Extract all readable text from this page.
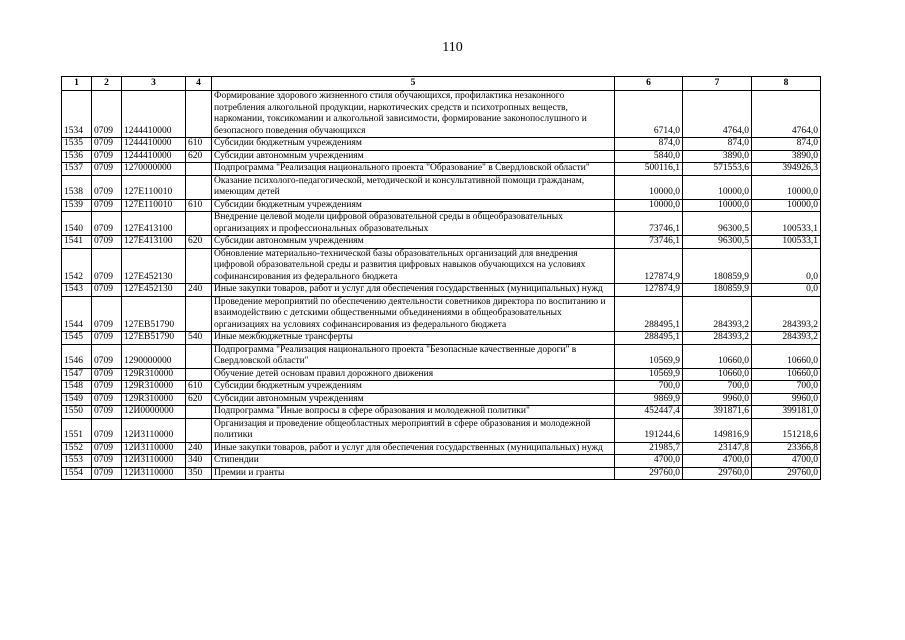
110
1	2	3	4	5	6	7	8
1534	0709	1244410000		Формирование здорового жизненного стиля обучающихся, профилактика незаконного потребления алкогольной продукции, наркотических средств и психотропных веществ, наркомании, токсикомании и алкогольной зависимости, формирование законопослушного и безопасного поведения обучающихся	6714,0	4764,0	4764,0
1535	0709	1244410000	610	Субсидии бюджетным учреждениям	874,0	874,0	874,0
1536	0709	1244410000	620	Субсидии автономным учреждениям	5840,0	3890,0	3890,0
1537	0709	1270000000		Подпрограмма "Реализация национального проекта "Образование" в Свердловской области"	500116,1	571553,6	394926,3
1538	0709	127E110010		Оказание психолого-педагогической, методической и консультативной помощи гражданам, имеющим детей	10000,0	10000,0	10000,0
1539	0709	127E110010	610	Субсидии бюджетным учреждениям	10000,0	10000,0	10000,0
1540	0709	127E413100		Внедрение целевой модели цифровой образовательной среды в общеобразовательных организациях и профессиональных образовательных	73746,1	96300,5	100533,1
1541	0709	127E413100	620	Субсидии автономным учреждениям	73746,1	96300,5	100533,1
1542	0709	127E452130		Обновление материально-технической базы образовательных организаций для внедрения цифровой образовательной среды и развития цифровых навыков обучающихся на условиях софинансирования из федерального бюджета	127874,9	180859,9	0,0
1543	0709	127E452130	240	Иные закупки товаров, работ и услуг для обеспечения государственных (муниципальных) нужд	127874,9	180859,9	0,0
1544	0709	127EB51790		Проведение мероприятий по обеспечению деятельности советников директора по воспитанию и взаимодействию с детскими общественными объединениями в общеобразовательных организациях на условиях софинансирования из федерального бюджета	288495,1	284393,2	284393,2
1545	0709	127EB51790	540	Иные межбюджетные трансферты	288495,1	284393,2	284393,2
1546	0709	1290000000		Подпрограмма "Реализация национального проекта "Безопасные качественные дороги" в Свердловской области"	10569,9	10660,0	10660,0
1547	0709	129R310000		Обучение детей основам правил дорожного движения	10569,9	10660,0	10660,0
1548	0709	129R310000	610	Субсидии бюджетным учреждениям	700,0	700,0	700,0
1549	0709	129R310000	620	Субсидии автономным учреждениям	9869,9	9960,0	9960,0
1550	0709	12И0000000		Подпрограмма "Иные вопросы в сфере образования и молодежной политики"	452447,4	391871,6	399181,0
1551	0709	12И3110000		Организация и проведение общеобластных мероприятий в сфере образования и молодежной политики	191244,6	149816,9	151218,6
1552	0709	12И3110000	240	Иные закупки товаров, работ и услуг для обеспечения государственных (муниципальных) нужд	21985,7	23147,8	23366,8
1553	0709	12И3110000	340	Стипендии	4700,0	4700,0	4700,0
1554	0709	12И3110000	350	Премии и гранты	29760,0	29760,0	29760,0
